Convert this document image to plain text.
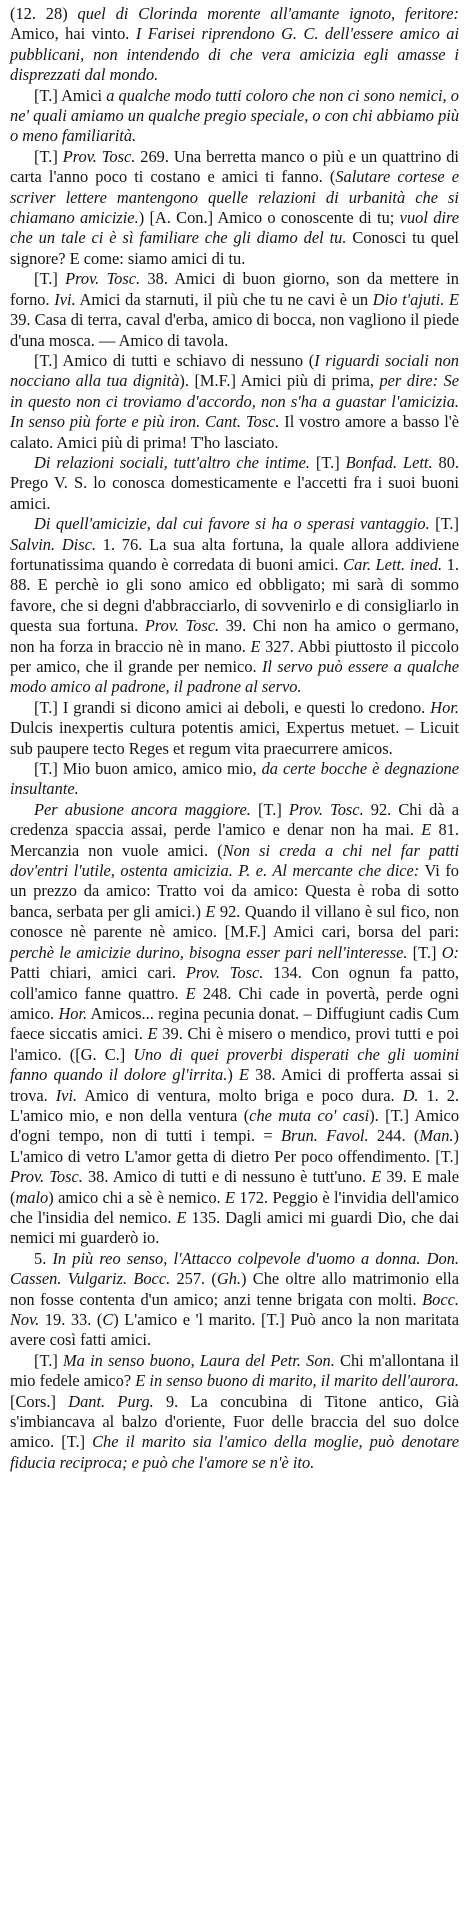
(12. 28) quel di Clorinda morente all'amante ignoto, feritore: Amico, hai vinto. I Farisei riprendono G. C. dell'essere amico ai pubblicani, non intendendo di che vera amicizia egli amasse i disprezzati dal mondo.

[T.] Amici a qualche modo tutti coloro che non ci sono nemici, o ne' quali amiamo un qualche pregio speciale, o con chi abbiamo più o meno familiarità.

[T.] Prov. Tosc. 269. Una berretta manco o più e un quattrino di carta l'anno poco ti costano e amici ti fanno. (Salutare cortese e scriver lettere mantengono quelle relazioni di urbanità che si chiamano amicizie.) [A. Con.] Amico o conoscente di tu; vuol dire che un tale ci è sì familiare che gli diamo del tu. Conosci tu quel signore? E come: siamo amici di tu.

[T.] Prov. Tosc. 38. Amici di buon giorno, son da mettere in forno. Ivi. Amici da starnuti, il più che tu ne cavi è un Dio t'ajuti. E 39. Casa di terra, caval d'erba, amico di bocca, non vagliono il piede d'una mosca. — Amico di tavola.

[T.] Amico di tutti e schiavo di nessuno (I riguardi sociali non nocciano alla tua dignità). [M.F.] Amici più di prima, per dire: Se in questo non ci troviamo d'accordo, non s'ha a guastar l'amicizia. In senso più forte e più iron. Cant. Tosc. Il vostro amore a basso l'è calato. Amici più di prima! T'ho lasciato.

Di relazioni sociali, tutt'altro che intime. [T.] Bonfad. Lett. 80. Prego V. S. lo conosca domesticamente e l'accetti fra i suoi buoni amici.

Di quell'amicizie, dal cui favore si ha o sperasi vantaggio. [T.] Salvin. Disc. 1. 76. La sua alta fortuna, la quale allora addiviene fortunatissima quando è corredata di buoni amici. Car. Lett. ined. 1. 88. E perchè io gli sono amico ed obbligato; mi sarà di sommo favore, che si degni d'abbracciarlo, di sovvenirlo e di consigliarlo in questa sua fortuna. Prov. Tosc. 39. Chi non ha amico o germano, non ha forza in braccio nè in mano. E 327. Abbi piuttosto il piccolo per amico, che il grande per nemico. Il servo può essere a qualche modo amico al padrone, il padrone al servo.

[T.] I grandi si dicono amici ai deboli, e questi lo credono. Hor. Dulcis inexpertis cultura potentis amici, Expertus metuet. – Licuit sub paupere tecto Reges et regum vita praecurrere amicos.

[T.] Mio buon amico, amico mio, da certe bocche è degnazione insultante.

Per abusione ancora maggiore. [T.] Prov. Tosc. 92. Chi dà a credenza spaccia assai, perde l'amico e denar non ha mai. E 81. Mercanzia non vuole amici. (Non si creda a chi nel far patti dov'entri l'utile, ostenta amicizia. P. e. Al mercante che dice: Vi fo un prezzo da amico: Tratto voi da amico: Questa è roba di sotto banca, serbata per gli amici.) E 92. Quando il villano è sul fico, non conosce nè parente nè amico. [M.F.] Amici cari, borsa del pari: perchè le amicizie durino, bisogna esser pari nell'interesse. [T.] O: Patti chiari, amici cari. Prov. Tosc. 134. Con ognun fa patto, coll'amico fanne quattro. E 248. Chi cade in povertà, perde ogni amico. Hor. Amicos... regina pecunia donat. – Diffugiunt cadis Cum faece siccatis amici. E 39. Chi è misero o mendico, provi tutti e poi l'amico. ([G. C.] Uno di quei proverbi disperati che gli uomini fanno quando il dolore gl'irrita.) E 38. Amici di profferta assai si trova. Ivi. Amico di ventura, molto briga e poco dura. D. 1. 2. L'amico mio, e non della ventura (che muta co' casi). [T.] Amico d'ogni tempo, non di tutti i tempi. = Brun. Favol. 244. (Man.) L'amico di vetro L'amor getta di dietro Per poco offendimento. [T.] Prov. Tosc. 38. Amico di tutti e di nessuno è tutt'uno. E 39. E male (malo) amico chi a sè è nemico. E 172. Peggio è l'invidia dell'amico che l'insidia del nemico. E 135. Dagli amici mi guardi Dio, che dai nemici mi guarderò io.

5. In più reo senso, l'Attacco colpevole d'uomo a donna. Don. Cassen. Vulgariz. Bocc. 257. (Gh.) Che oltre allo matrimonio ella non fosse contenta d'un amico; anzi tenne brigata con molti. Bocc. Nov. 19. 33. (C) L'amico e 'l marito. [T.] Può anco la non maritata avere così fatti amici.

[T.] Ma in senso buono, Laura del Petr. Son. Chi m'allontana il mio fedele amico? E in senso buono di marito, il marito dell'aurora. [Cors.] Dant. Purg. 9. La concubina di Titone antico, Già s'imbiancava al balzo d'oriente, Fuor delle braccia del suo dolce amico. [T.] Che il marito sia l'amico della moglie, può denotare fiducia reciproca; e può che l'amore se n'è ito.
